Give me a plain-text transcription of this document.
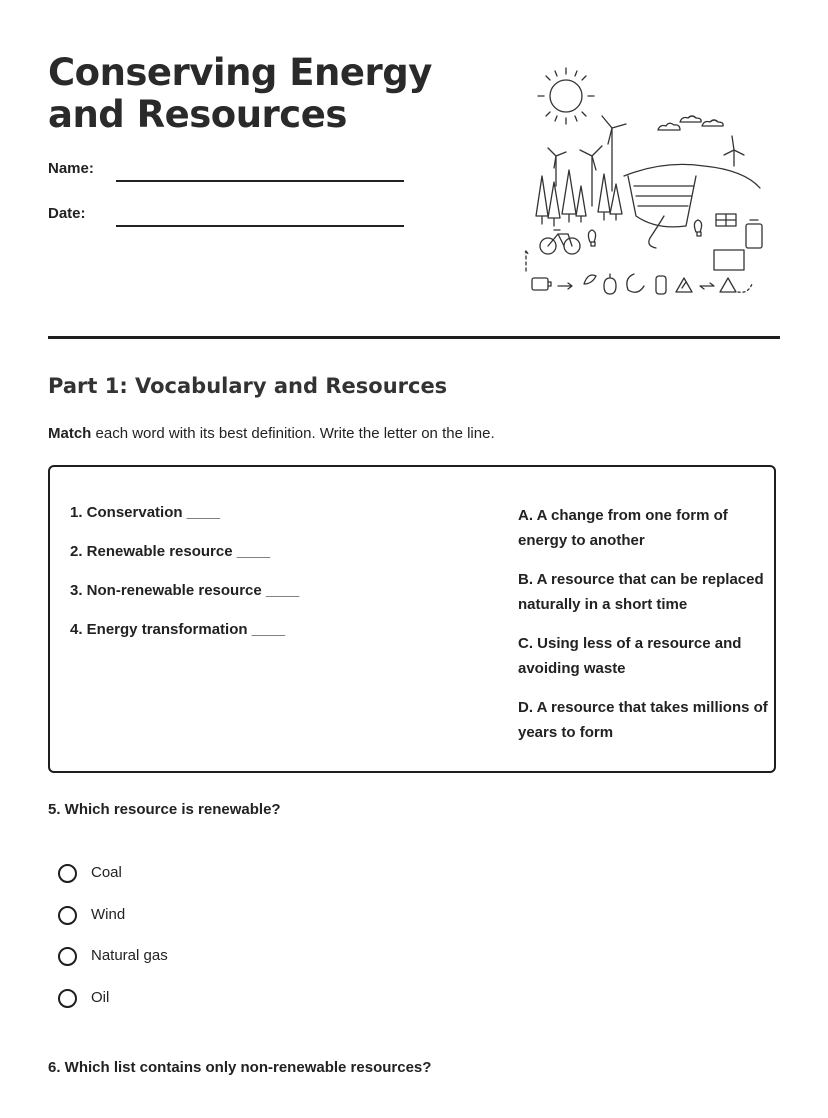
Conserving Energy and Resources
Name:
Date:
Part 1: Vocabulary and Resources
Match each word with its best definition. Write the letter on the line.
1. Conservation ____
2. Renewable resource ____
3. Non-renewable resource ____
4. Energy transformation ____
A. A change from one form of energy to another
B. A resource that can be replaced naturally in a short time
C. Using less of a resource and avoiding waste
D. A resource that takes millions of years to form
5. Which resource is renewable?
Coal
Wind
Natural gas
Oil
6. Which list contains only non-renewable resources?
